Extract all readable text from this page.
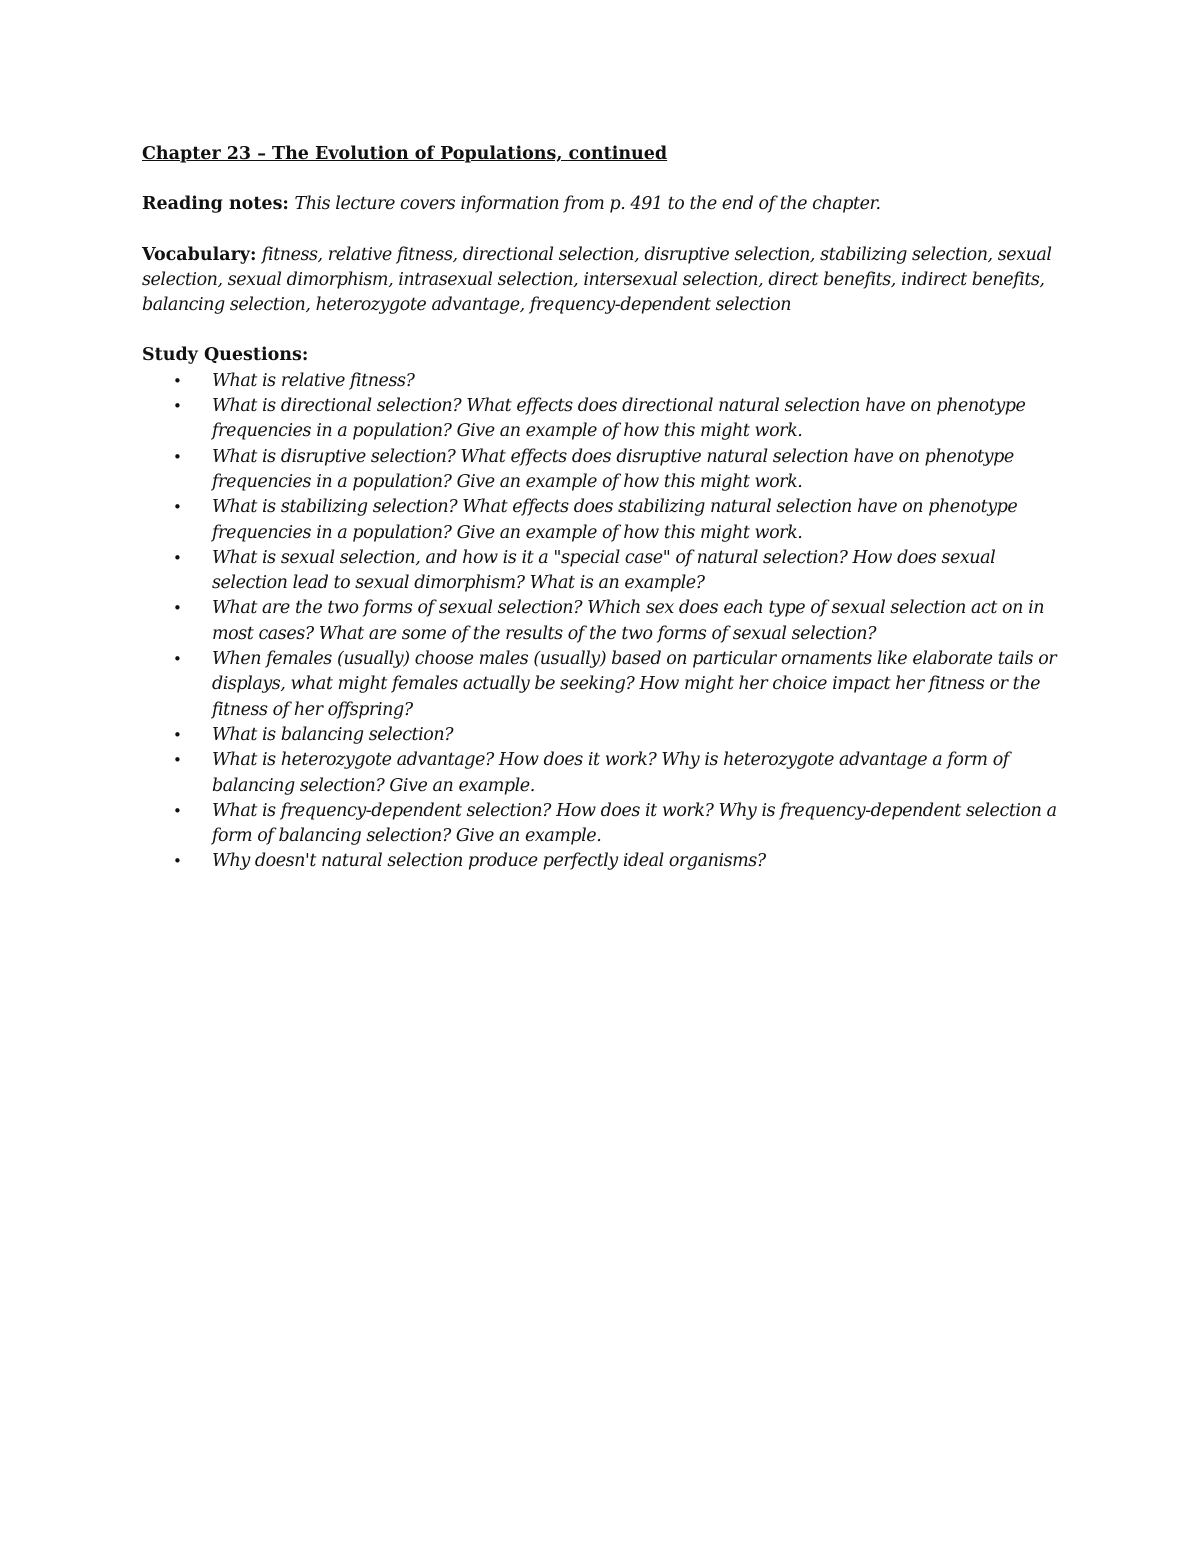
Chapter 23 – The Evolution of Populations, continued

Reading notes: This lecture covers information from p. 491 to the end of the chapter.

Vocabulary: fitness, relative fitness, directional selection, disruptive selection, stabilizing selection, sexual selection, sexual dimorphism, intrasexual selection, intersexual selection, direct benefits, indirect benefits, balancing selection, heterozygote advantage, frequency-dependent selection

Study Questions:

• What is relative fitness?
• What is directional selection? What effects does directional natural selection have on phenotype frequencies in a population? Give an example of how this might work.
• What is disruptive selection? What effects does disruptive natural selection have on phenotype frequencies in a population? Give an example of how this might work.
• What is stabilizing selection? What effects does stabilizing natural selection have on phenotype frequencies in a population? Give an example of how this might work.
• What is sexual selection, and how is it a "special case" of natural selection? How does sexual selection lead to sexual dimorphism? What is an example?
• What are the two forms of sexual selection? Which sex does each type of sexual selection act on in most cases? What are some of the results of the two forms of sexual selection?
• When females (usually) choose males (usually) based on particular ornaments like elaborate tails or displays, what might females actually be seeking? How might her choice impact her fitness or the fitness of her offspring?
• What is balancing selection?
• What is heterozygote advantage? How does it work? Why is heterozygote advantage a form of balancing selection? Give an example.
• What is frequency-dependent selection? How does it work? Why is frequency-dependent selection a form of balancing selection? Give an example.
• Why doesn't natural selection produce perfectly ideal organisms?
